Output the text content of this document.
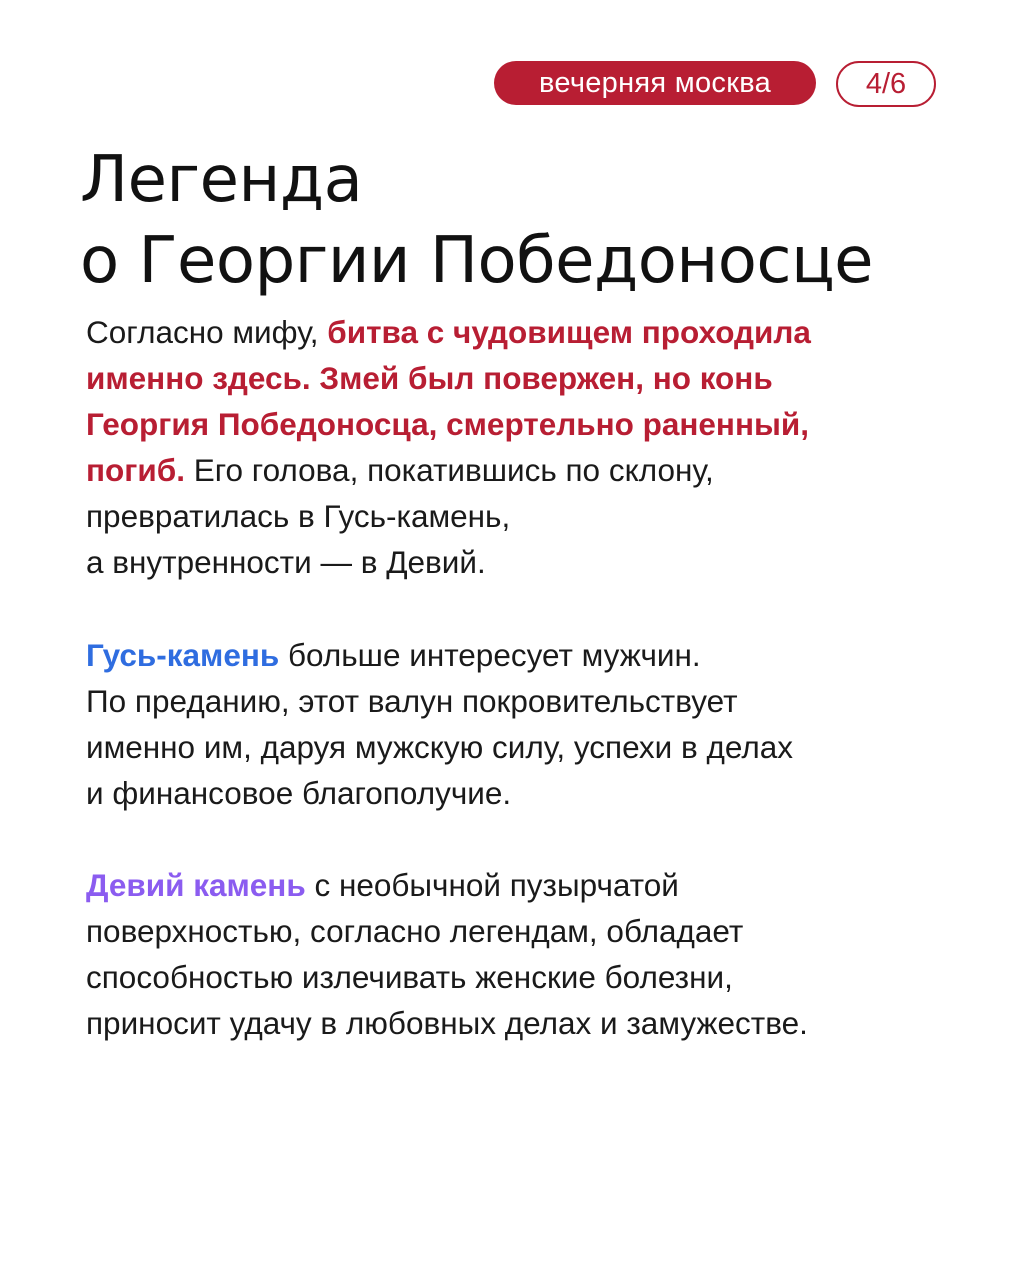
вечерняя москва	4/6
Легенда
о Георгии Победоносце

Согласно мифу, битва с чудовищем проходила
именно здесь. Змей был повержен, но конь
Георгия Победоносца, смертельно раненный,
погиб. Его голова, покатившись по склону,
превратилась в Гусь-камень,
а внутренности — в Девий.

Гусь-камень больше интересует мужчин.
По преданию, этот валун покровительствует
именно им, даруя мужскую силу, успехи в делах
и финансовое благополучие.

Девий камень с необычной пузырчатой
поверхностью, согласно легендам, обладает
способностью излечивать женские болезни,
приносит удачу в любовных делах и замужестве.
